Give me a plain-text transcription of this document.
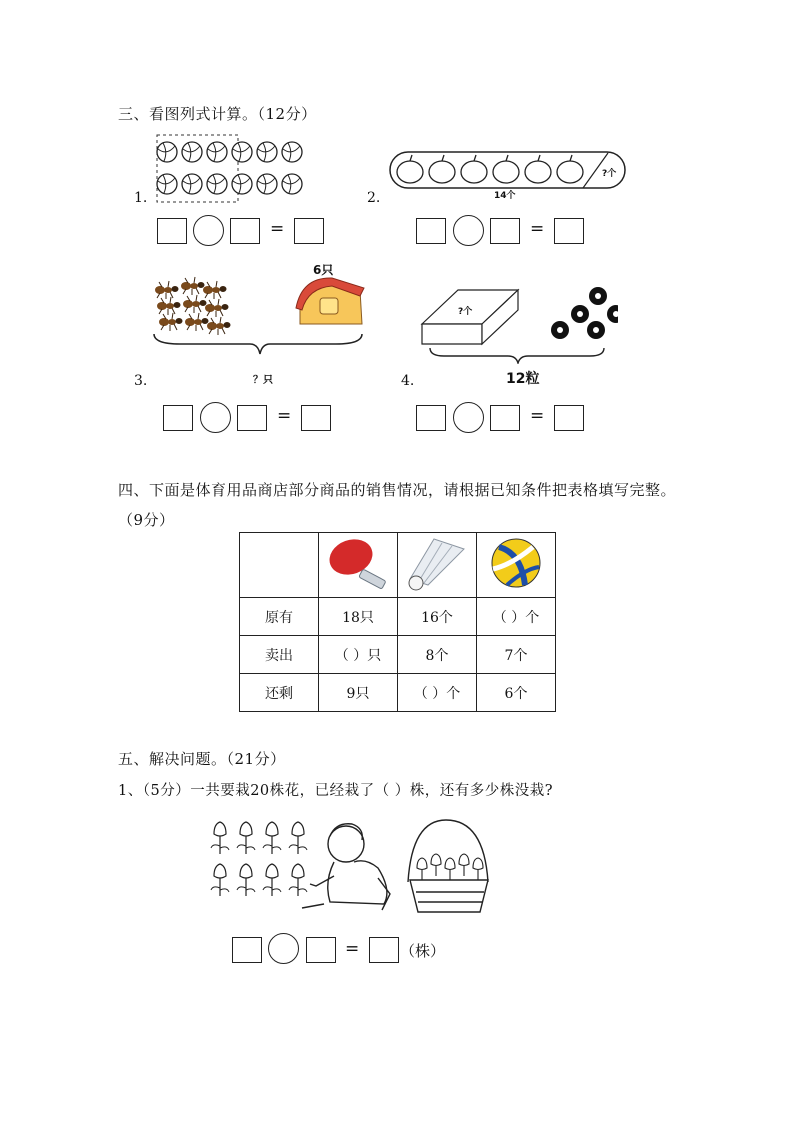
三、看图列式计算。（12分）
1.
=
?个
14个
2.
=
6只
？只
3.
=
?个
12粒
4.
=
四、下面是体育用品商店部分商品的销售情况，请根据已知条件把表格填写完整。
（9分）

原有	18只	16个	（ ）个
卖出	（ ）只	8个	7个
还剩	9只	（ ）个	6个
五、解决问题。（21分）
1、（5分）一共要栽20株花，已经栽了（ ）株，还有多少株没栽?
=	（株）
